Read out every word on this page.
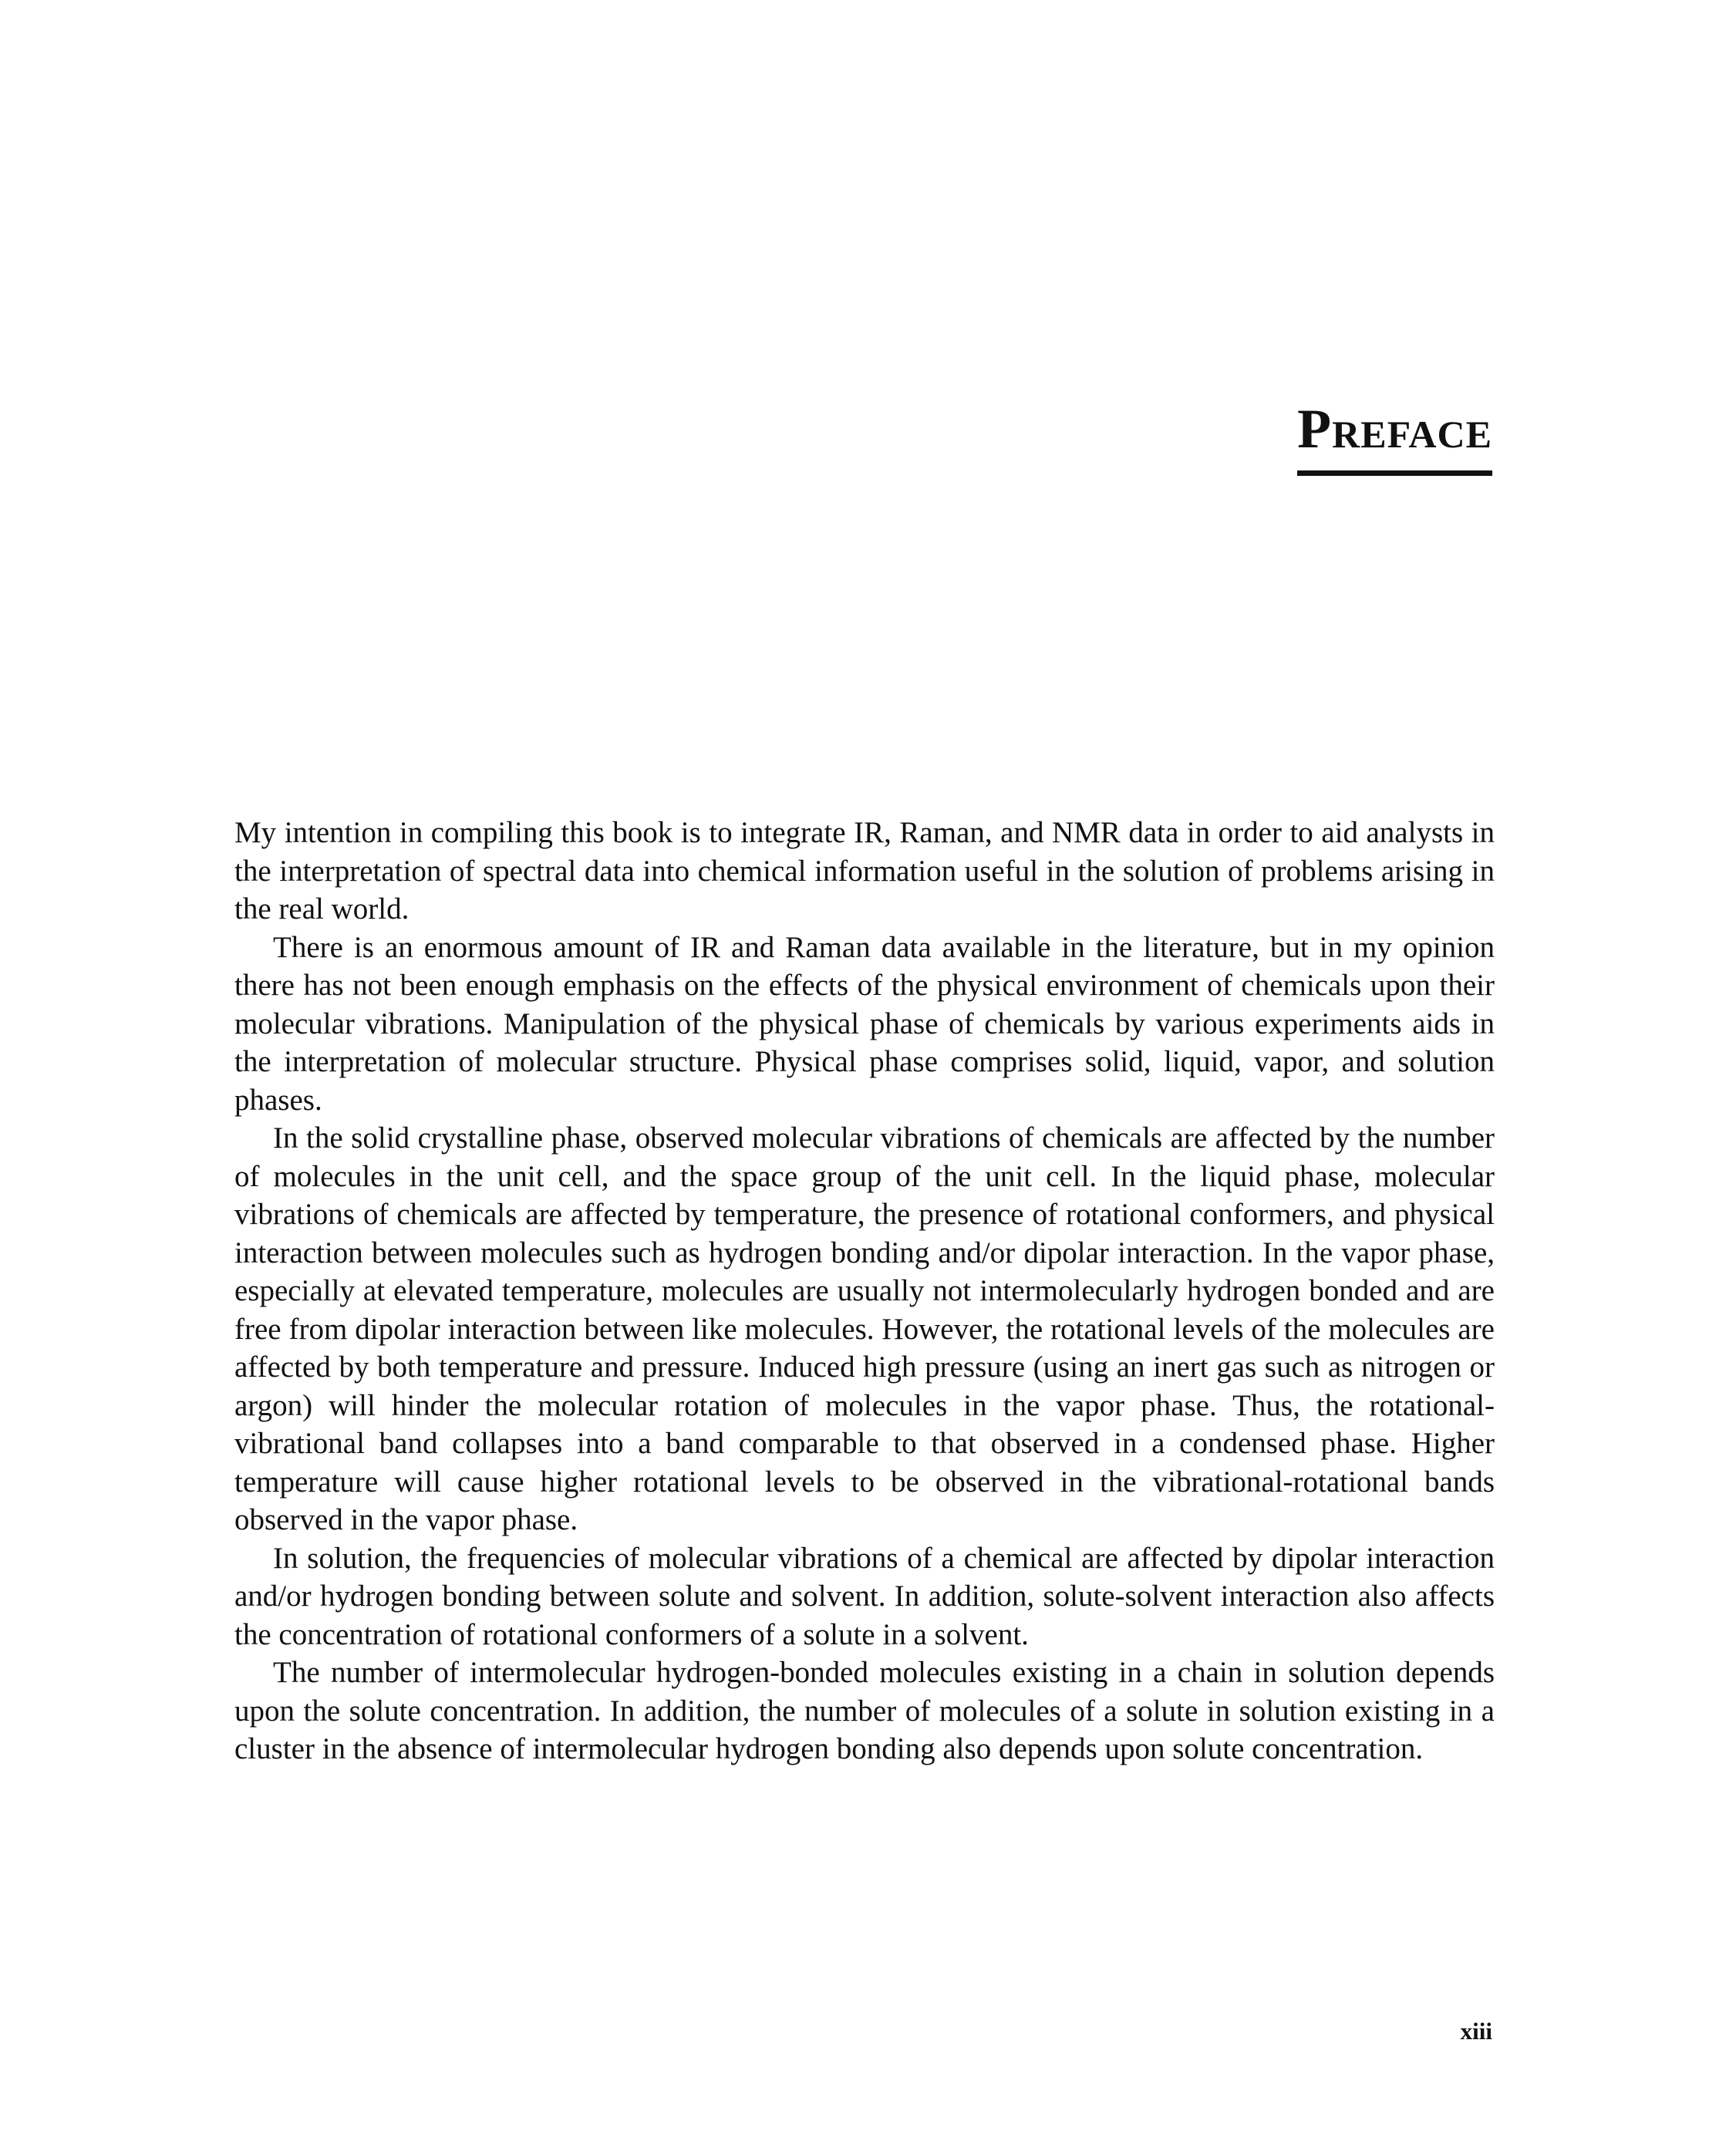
Preface

My intention in compiling this book is to integrate IR, Raman, and NMR data in order to aid analysts in the interpretation of spectral data into chemical information useful in the solution of problems arising in the real world.

There is an enormous amount of IR and Raman data available in the literature, but in my opinion there has not been enough emphasis on the effects of the physical environment of chemicals upon their molecular vibrations. Manipulation of the physical phase of chemicals by various experiments aids in the interpretation of molecular structure. Physical phase comprises solid, liquid, vapor, and solution phases.

In the solid crystalline phase, observed molecular vibrations of chemicals are affected by the number of molecules in the unit cell, and the space group of the unit cell. In the liquid phase, molecular vibrations of chemicals are affected by temperature, the presence of rotational conformers, and physical interaction between molecules such as hydrogen bonding and/or dipolar interaction. In the vapor phase, especially at elevated temperature, molecules are usually not intermolecularly hydrogen bonded and are free from dipolar interaction between like molecules. However, the rotational levels of the molecules are affected by both temperature and pressure. Induced high pressure (using an inert gas such as nitrogen or argon) will hinder the molecular rotation of molecules in the vapor phase. Thus, the rotational-vibrational band collapses into a band comparable to that observed in a condensed phase. Higher temperature will cause higher rotational levels to be observed in the vibrational-rotational bands observed in the vapor phase.

In solution, the frequencies of molecular vibrations of a chemical are affected by dipolar interaction and/or hydrogen bonding between solute and solvent. In addition, solute-solvent interaction also affects the concentration of rotational conformers of a solute in a solvent.

The number of intermolecular hydrogen-bonded molecules existing in a chain in solution depends upon the solute concentration. In addition, the number of molecules of a solute in solution existing in a cluster in the absence of intermolecular hydrogen bonding also depends upon solute concentration.

xiii
